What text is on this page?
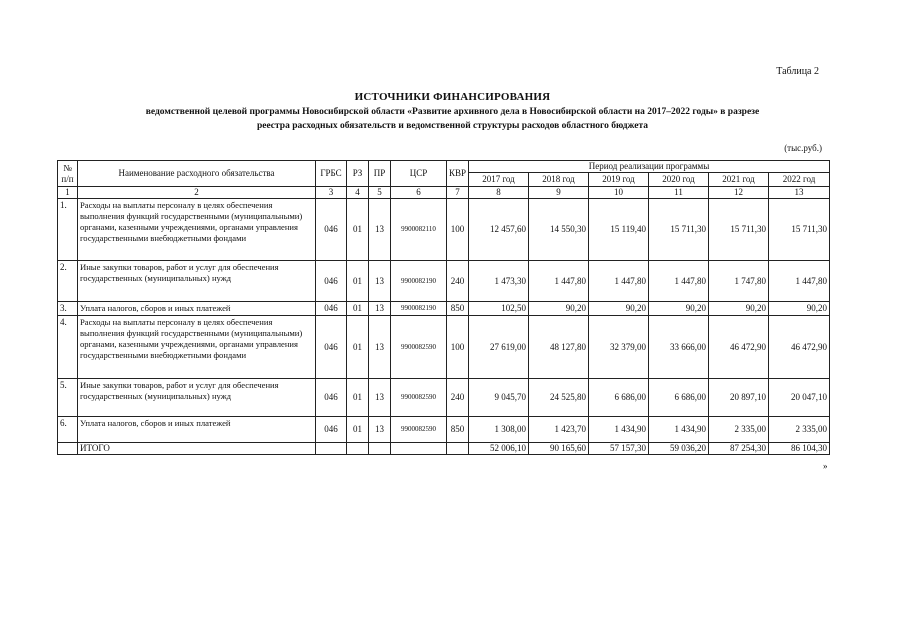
Таблица 2
ИСТОЧНИКИ ФИНАНСИРОВАНИЯ
ведомственной целевой программы Новосибирской области «Развитие архивного дела в Новосибирской области на 2017–2022 годы» в разрезе
реестра расходных обязательств и ведомственной структуры расходов областного бюджета
(тыс.руб.)
№ п/п	Наименование расходного обязательства	ГРБС	РЗ	ПР	ЦСР	КВР	Период реализации программы					
							2017 год	2018 год	2019 год	2020 год	2021 год	2022 год
1	2	3	4	5	6	7	8	9	10	11	12	13
1.	Расходы на выплаты персоналу в целях обеспечения выполнения функций государственными (муниципальными) органами, казенными учреждениями, органами управления государственными внебюджетными фондами	046	01	13	9900082110	100	12 457,60	14 550,30	15 119,40	15 711,30	15 711,30	15 711,30
2.	Иные закупки товаров, работ и услуг для обеспечения государственных (муниципальных) нужд	046	01	13	9900082190	240	1 473,30	1 447,80	1 447,80	1 447,80	1 747,80	1 447,80
3.	Уплата налогов, сборов и иных платежей	046	01	13	9900082190	850	102,50	90,20	90,20	90,20	90,20	90,20
4.	Расходы на выплаты персоналу в целях обеспечения выполнения функций государственными (муниципальными) органами, казенными учреждениями, органами управления государственными внебюджетными фондами	046	01	13	9900082590	100	27 619,00	48 127,80	32 379,00	33 666,00	46 472,90	46 472,90
5.	Иные закупки товаров, работ и услуг для обеспечения государственных (муниципальных) нужд	046	01	13	9900082590	240	9 045,70	24 525,80	6 686,00	6 686,00	20 897,10	20 047,10
6.	Уплата налогов, сборов и иных платежей	046	01	13	9900082590	850	1 308,00	1 423,70	1 434,90	1 434,90	2 335,00	2 335,00
	ИТОГО						52 006,10	90 165,60	57 157,30	59 036,20	87 254,30	86 104,30
»
